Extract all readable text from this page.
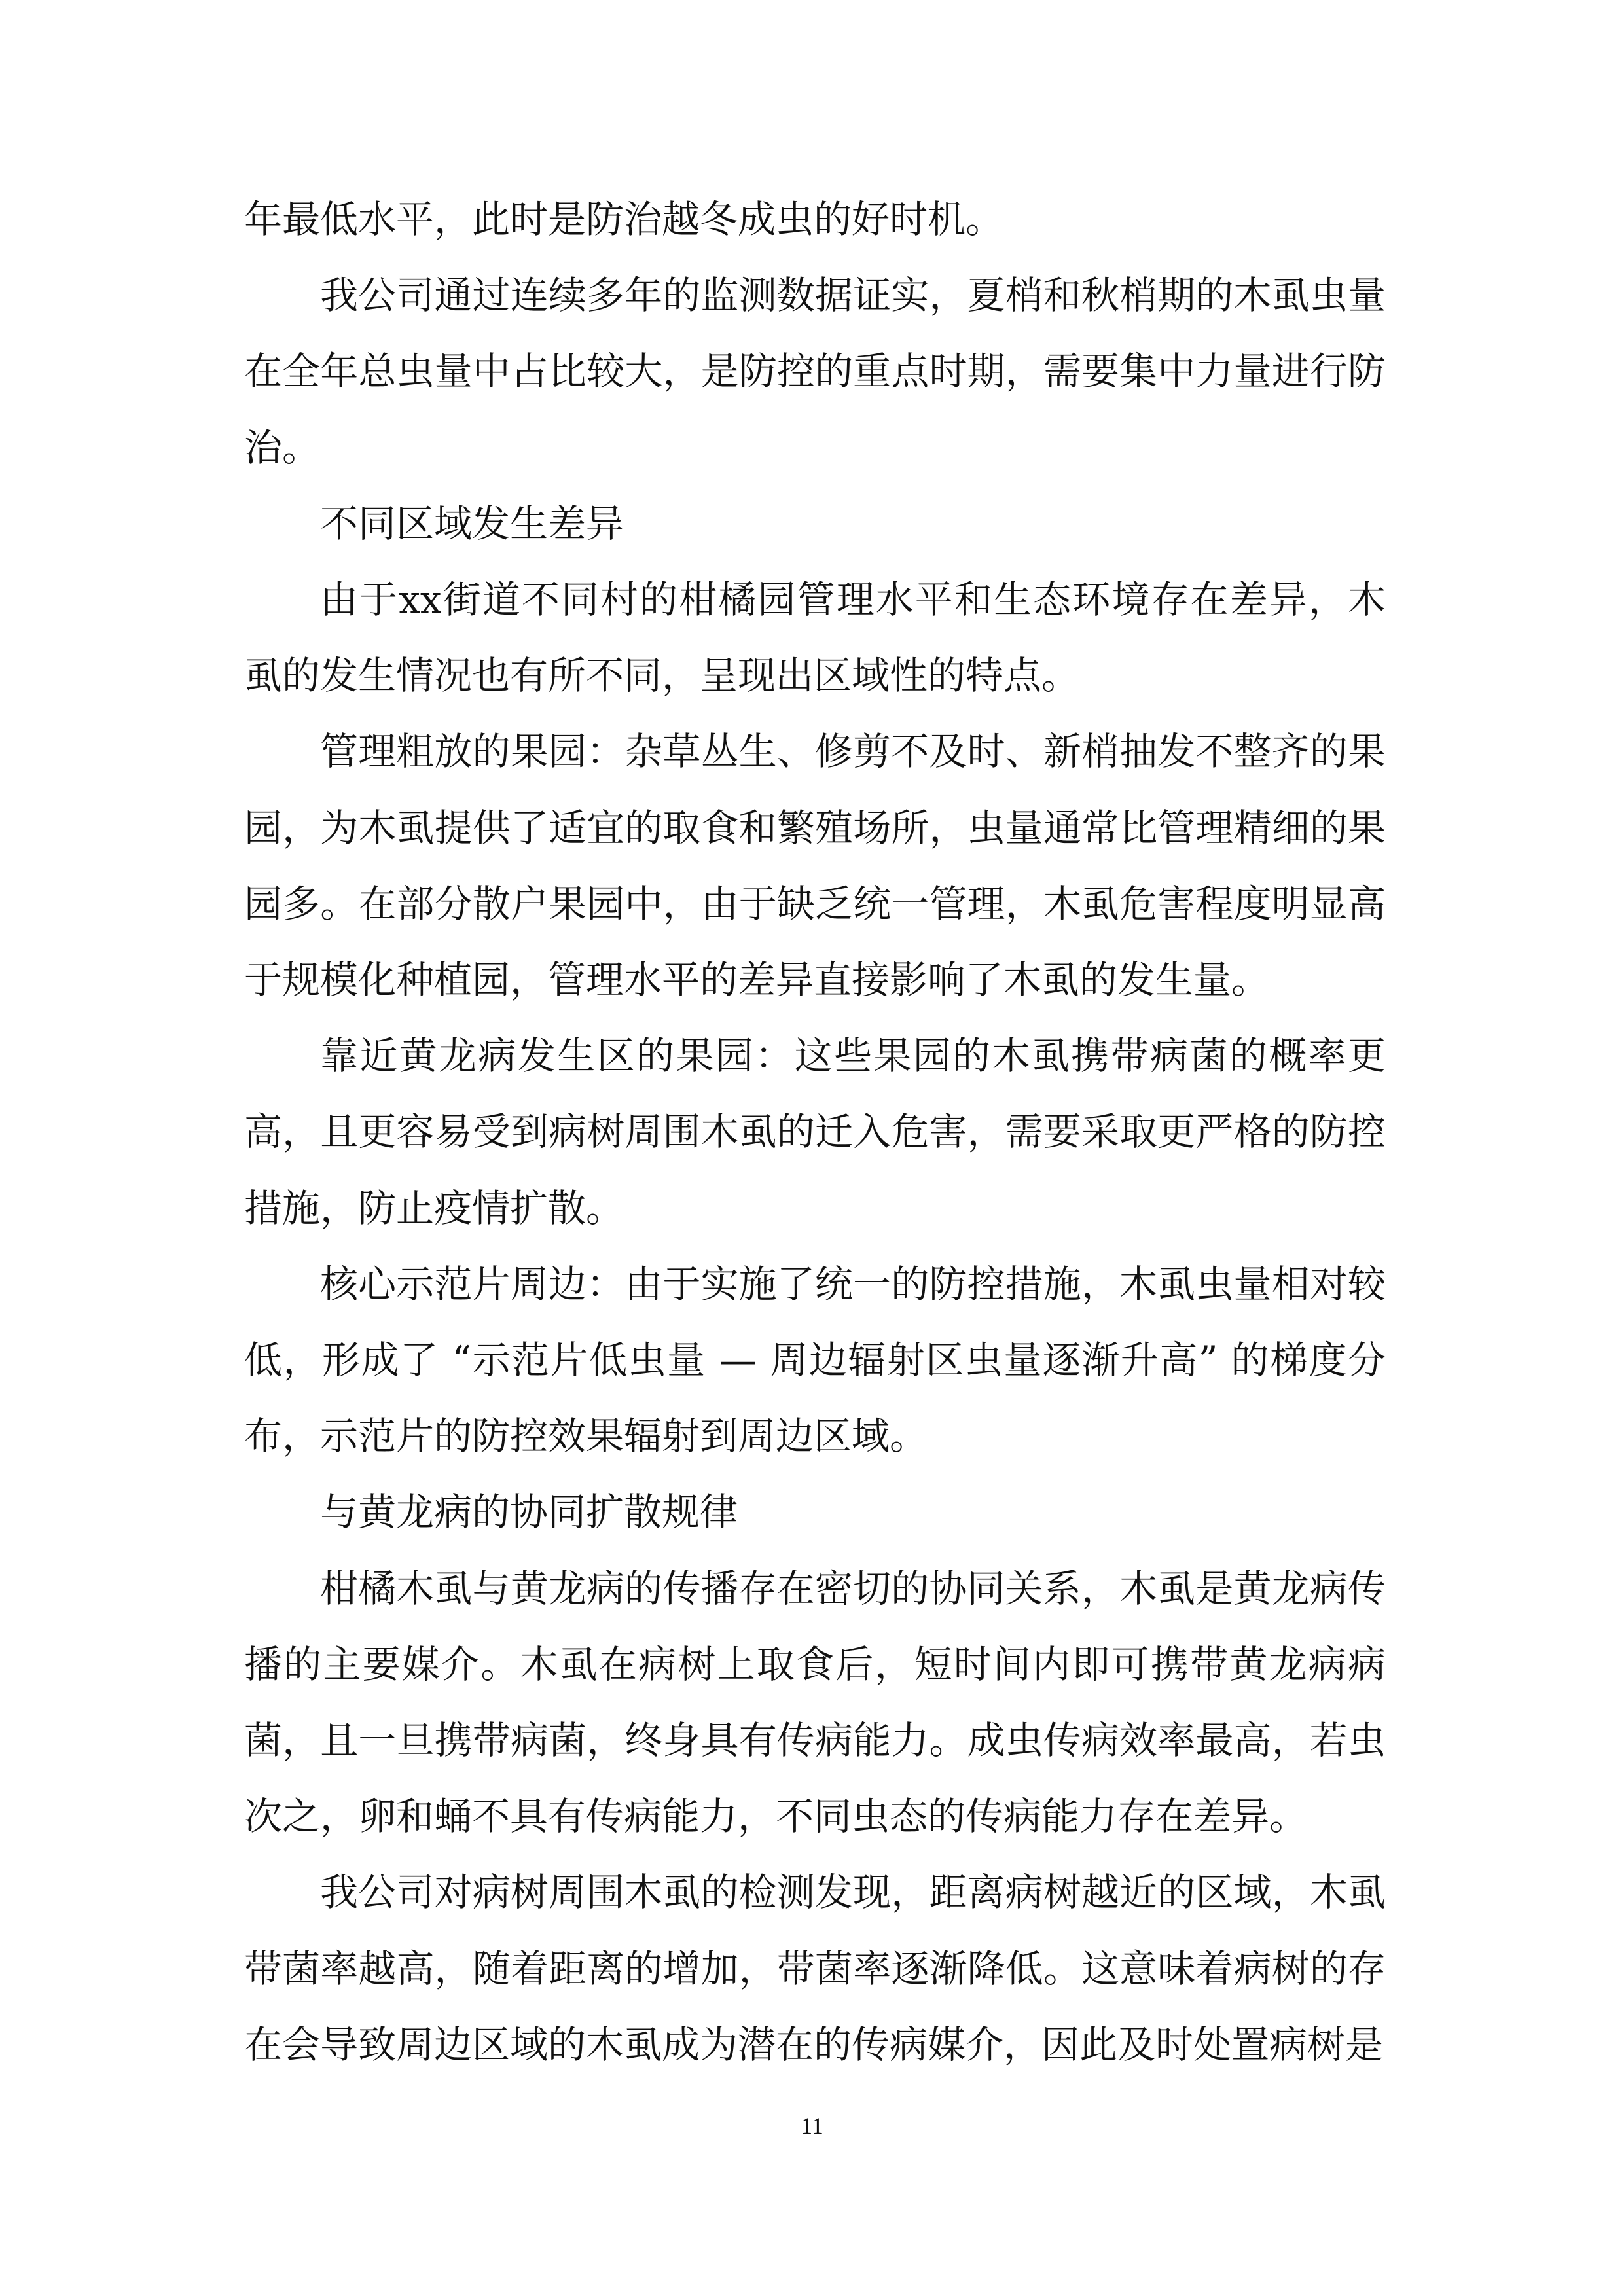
年最低水平，此时是防治越冬成虫的好时机。

我公司通过连续多年的监测数据证实，夏梢和秋梢期的木虱虫量在全年总虫量中占比较大，是防控的重点时期，需要集中力量进行防治。

不同区域发生差异

由于xx街道不同村的柑橘园管理水平和生态环境存在差异，木虱的发生情况也有所不同，呈现出区域性的特点。

管理粗放的果园：杂草丛生、修剪不及时、新梢抽发不整齐的果园，为木虱提供了适宜的取食和繁殖场所，虫量通常比管理精细的果园多。在部分散户果园中，由于缺乏统一管理，木虱危害程度明显高于规模化种植园，管理水平的差异直接影响了木虱的发生量。

靠近黄龙病发生区的果园：这些果园的木虱携带病菌的概率更高，且更容易受到病树周围木虱的迁入危害，需要采取更严格的防控措施，防止疫情扩散。

核心示范片周边：由于实施了统一的防控措施，木虱虫量相对较低，形成了 “示范片低虫量 — 周边辐射区虫量逐渐升高” 的梯度分布，示范片的防控效果辐射到周边区域。

与黄龙病的协同扩散规律

柑橘木虱与黄龙病的传播存在密切的协同关系，木虱是黄龙病传播的主要媒介。木虱在病树上取食后，短时间内即可携带黄龙病病菌，且一旦携带病菌，终身具有传病能力。成虫传病效率最高，若虫次之，卵和蛹不具有传病能力，不同虫态的传病能力存在差异。

我公司对病树周围木虱的检测发现，距离病树越近的区域，木虱带菌率越高，随着距离的增加，带菌率逐渐降低。这意味着病树的存在会导致周边区域的木虱成为潜在的传病媒介，因此及时处置病树是

11
